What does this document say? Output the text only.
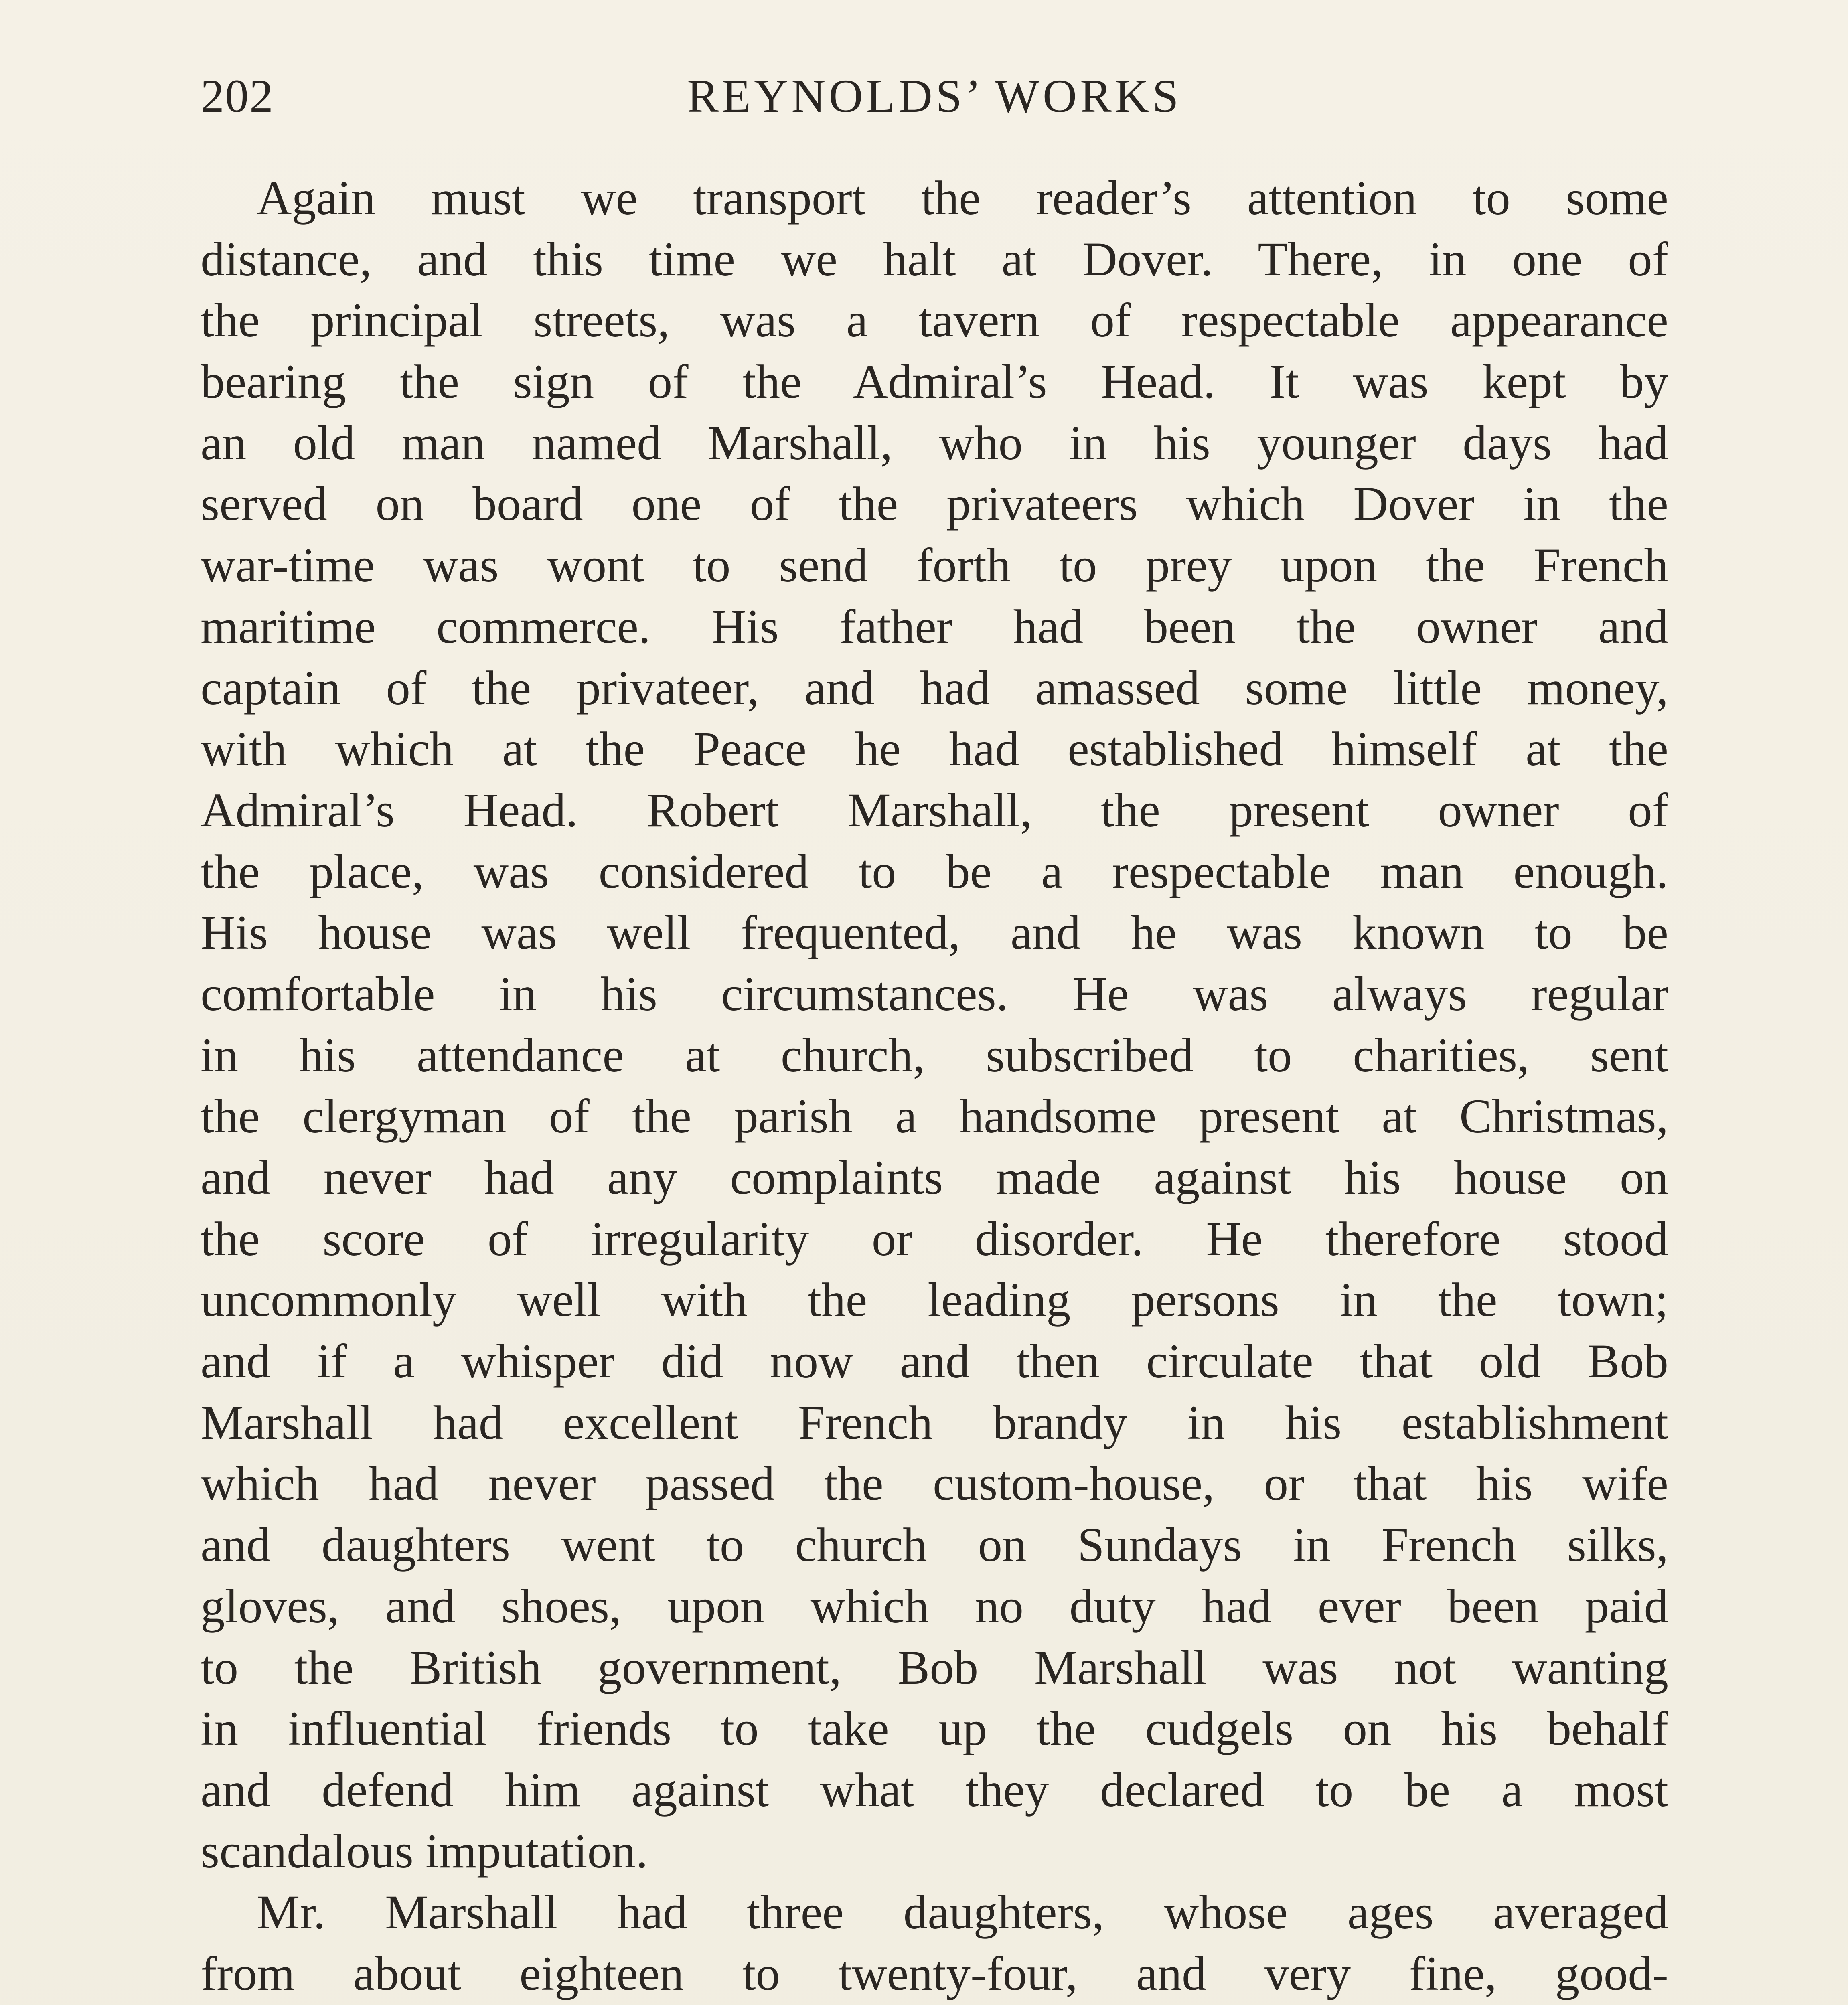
202	REYNOLDS’ WORKS
Again must we transport the reader’s attention to some
distance, and this time we halt at Dover. There, in one of
the principal streets, was a tavern of respectable appearance
bearing the sign of the Admiral’s Head. It was kept by
an old man named Marshall, who in his younger days had
served on board one of the privateers which Dover in the
war-time was wont to send forth to prey upon the French
maritime commerce. His father had been the owner and
captain of the privateer, and had amassed some little money,
with which at the Peace he had established himself at the
Admiral’s Head. Robert Marshall, the present owner of
the place, was considered to be a respectable man enough.
His house was well frequented, and he was known to be
comfortable in his circumstances. He was always regular
in his attendance at church, subscribed to charities, sent
the clergyman of the parish a handsome present at Christmas,
and never had any complaints made against his house on
the score of irregularity or disorder. He therefore stood
uncommonly well with the leading persons in the town;
and if a whisper did now and then circulate that old Bob
Marshall had excellent French brandy in his establishment
which had never passed the custom-house, or that his wife
and daughters went to church on Sundays in French silks,
gloves, and shoes, upon which no duty had ever been paid
to the British government, Bob Marshall was not wanting
in influential friends to take up the cudgels on his behalf
and defend him against what they declared to be a most
scandalous imputation.
Mr. Marshall had three daughters, whose ages averaged
from about eighteen to twenty-four, and very fine, good-
